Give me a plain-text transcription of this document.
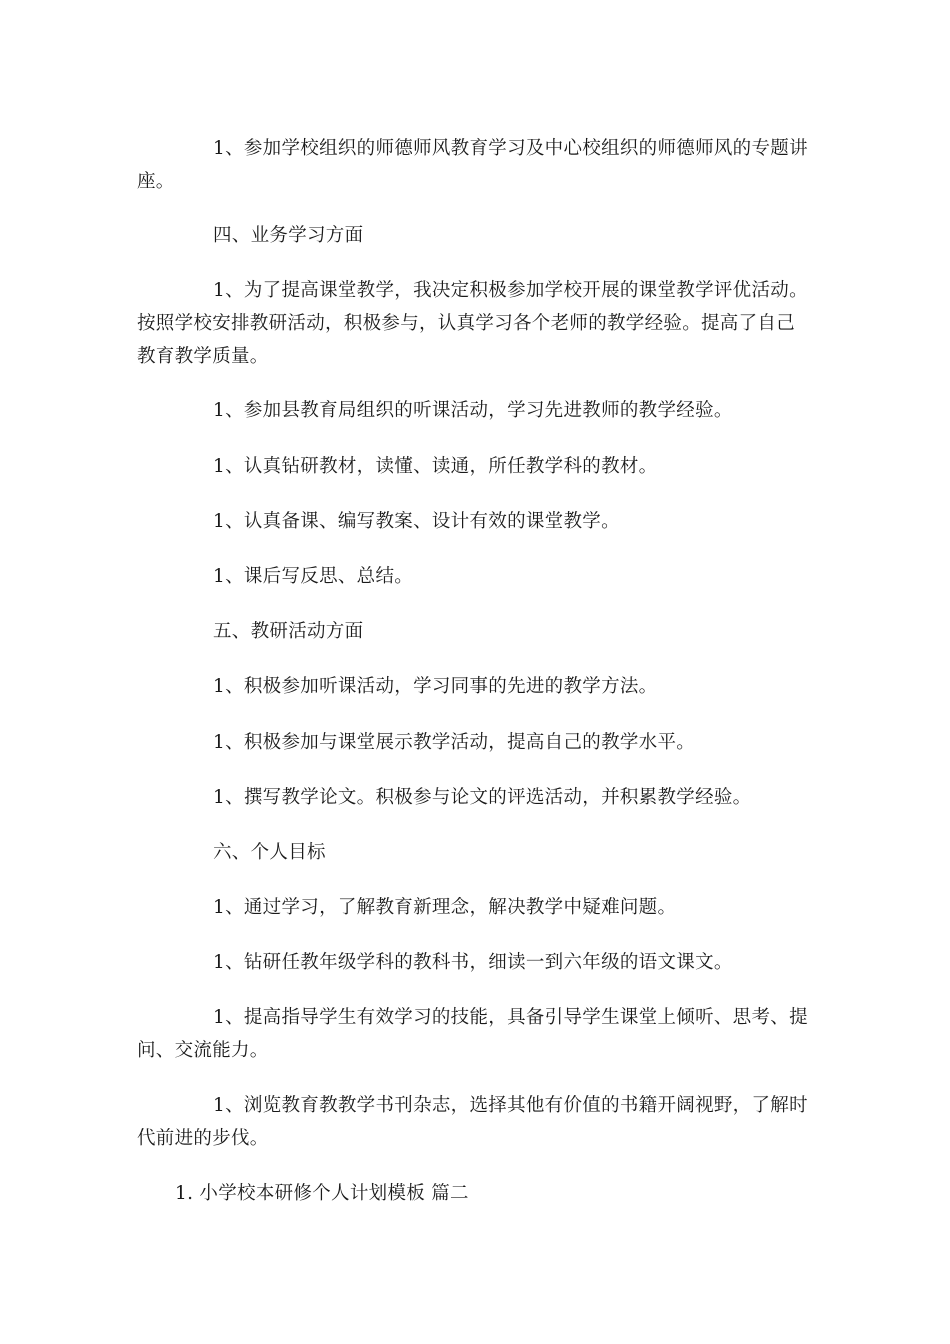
1、参加学校组织的师德师风教育学习及中心校组织的师德师风的专题讲座。

四、业务学习方面

1、为了提高课堂教学，我决定积极参加学校开展的课堂教学评优活动。按照学校安排教研活动，积极参与，认真学习各个老师的教学经验。提高了自己教育教学质量。

1、参加县教育局组织的听课活动，学习先进教师的教学经验。

1、认真钻研教材，读懂、读通，所任教学科的教材。

1、认真备课、编写教案、设计有效的课堂教学。

1、课后写反思、总结。

五、教研活动方面

1、积极参加听课活动，学习同事的先进的教学方法。

1、积极参加与课堂展示教学活动，提高自己的教学水平。

1、撰写教学论文。积极参与论文的评选活动，并积累教学经验。

六、个人目标

1、通过学习，了解教育新理念，解决教学中疑难问题。

1、钻研任教年级学科的教科书，细读一到六年级的语文课文。

1、提高指导学生有效学习的技能，具备引导学生课堂上倾听、思考、提问、交流能力。

1、浏览教育教教学书刊杂志，选择其他有价值的书籍开阔视野，了解时代前进的步伐。

1. 小学校本研修个人计划模板 篇二
